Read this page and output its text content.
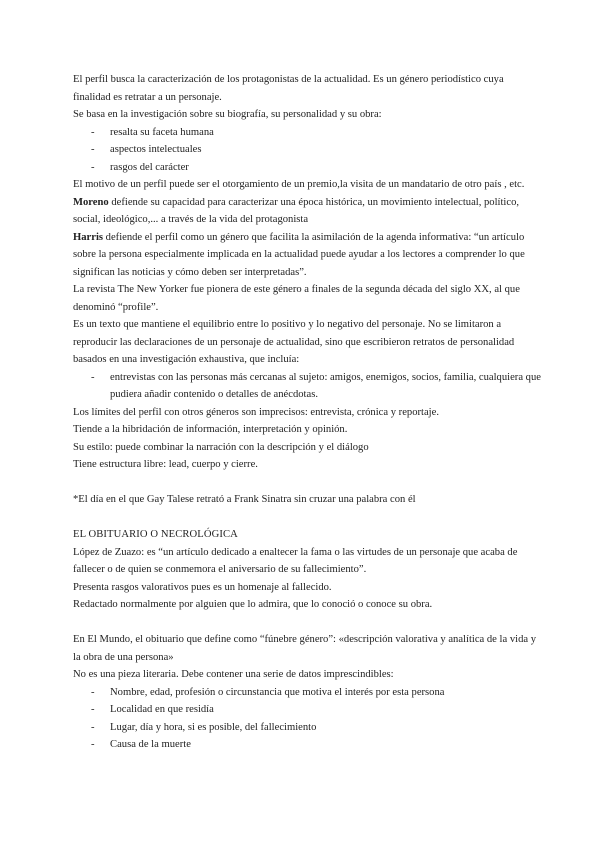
El perfil busca la caracterización de los protagonistas de la actualidad. Es un género periodístico cuya finalidad es retratar a un personaje.

Se basa en la investigación sobre su biografía, su personalidad y su obra:

- resalta su faceta humana
- aspectos intelectuales
- rasgos del carácter

El motivo de un perfil puede ser el otorgamiento de un premio,la visita de un mandatario de otro país , etc.

Moreno defiende su capacidad para caracterizar una época histórica, un movimiento intelectual, político, social, ideológico,... a través de la vida del protagonista

Harris defiende el perfil como un género que facilita la asimilación de la agenda informativa: “un artículo sobre la persona especialmente implicada en la actualidad puede ayudar a los lectores a comprender lo que significan las noticias y cómo deben ser interpretadas”.

La revista The New Yorker fue pionera de este género a finales de la segunda década del siglo XX, al que denominó “profile”.

Es un texto que mantiene el equilibrio entre lo positivo y lo negativo del personaje. No se limitaron a reproducir las declaraciones de un personaje de actualidad, sino que escribieron retratos de personalidad basados en una investigación exhaustiva, que incluía:

- entrevistas con las personas más cercanas al sujeto: amigos, enemigos, socios, familia, cualquiera que pudiera añadir contenido o detalles de anécdotas.

Los límites del perfil con otros géneros son imprecisos: entrevista, crónica y reportaje.

Tiende a la hibridación de información, interpretación y opinión.

Su estilo: puede combinar la narración con la descripción y el diálogo

Tiene estructura libre: lead, cuerpo y cierre.

*El día en el que Gay Talese retrató a Frank Sinatra sin cruzar una palabra con él

EL OBITUARIO O NECROLÓGICA

López de Zuazo: es “un artículo dedicado a enaltecer la fama o las virtudes de un personaje que acaba de fallecer o de quien se conmemora el aniversario de su fallecimiento”.

Presenta rasgos valorativos pues es un homenaje al fallecido.

Redactado normalmente por alguien que lo admira, que lo conoció o conoce su obra.

En El Mundo, el obituario que define como “fúnebre género”: «descripción valorativa y analítica de la vida y la obra de una persona»

No es una pieza literaria. Debe contener una serie de datos imprescindibles:

- Nombre, edad, profesión o circunstancia que motiva el interés por esta persona
- Localidad en que residía
- Lugar, día y hora, si es posible, del fallecimiento
- Causa de la muerte
